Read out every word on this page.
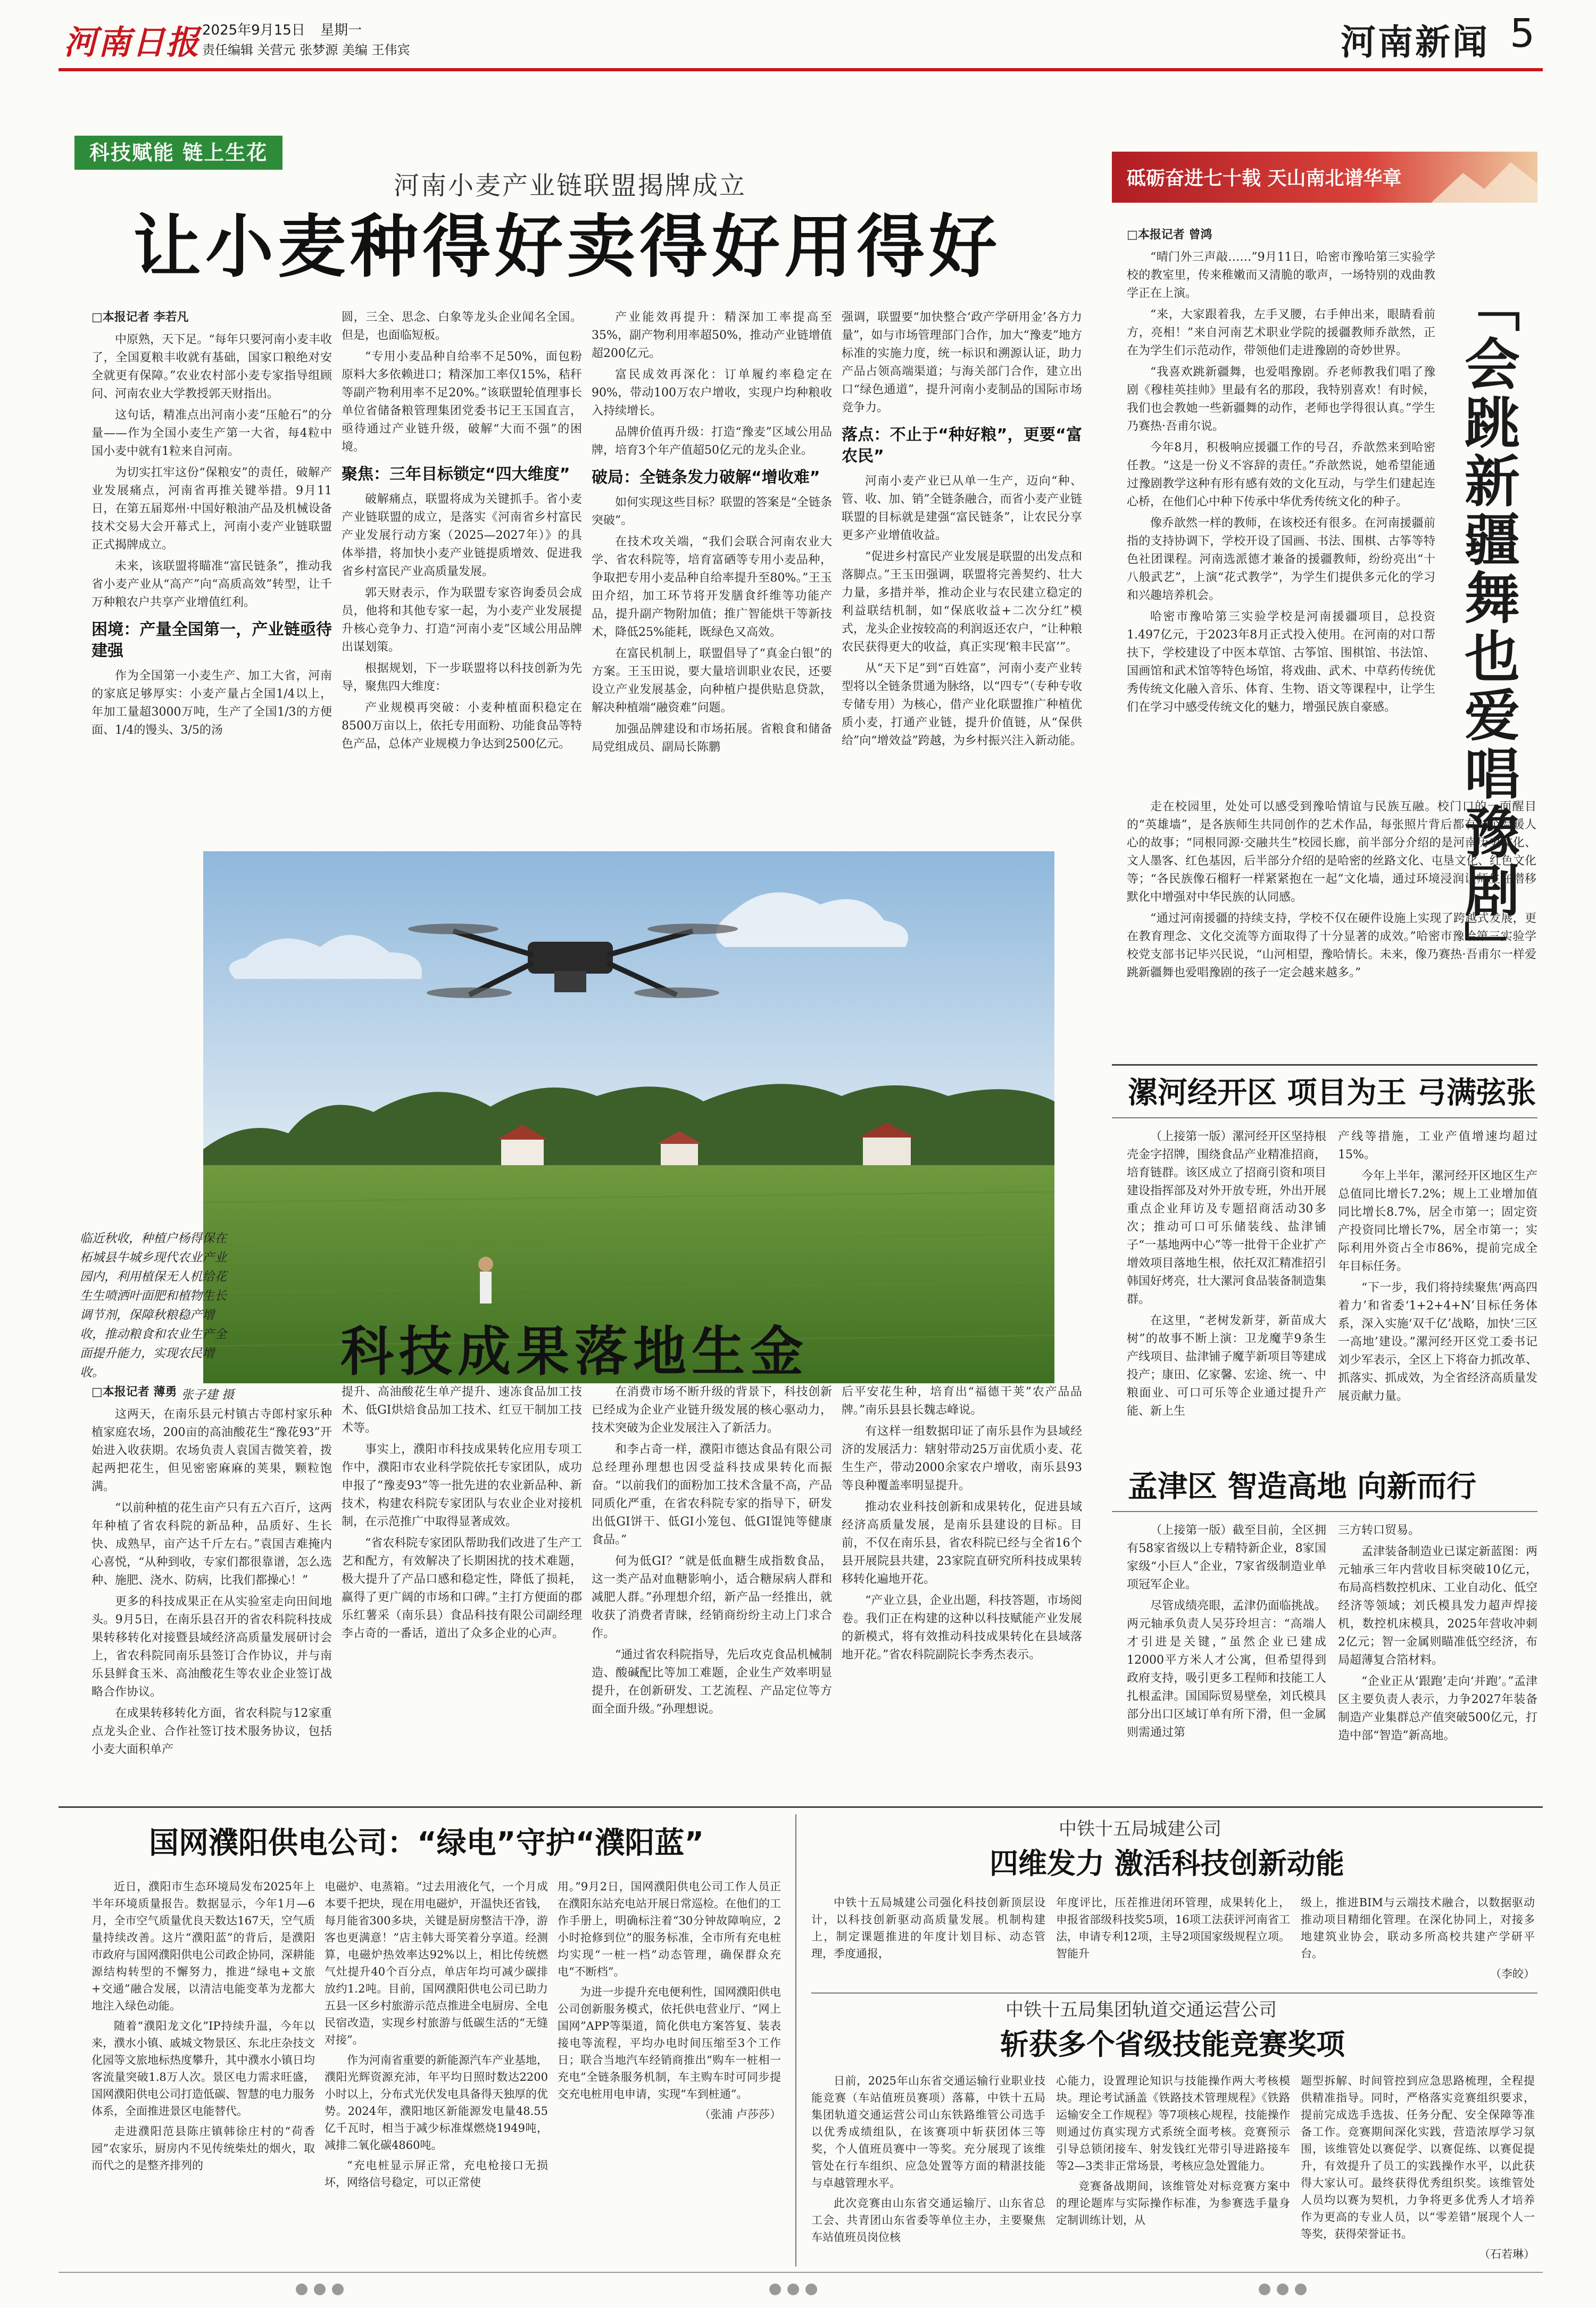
河南日报 2025年9月15日 星期一
责任编辑 关营元 张梦源 美编 王伟宾	河南新闻 5
科技赋能 链上生花
河南小麦产业链联盟揭牌成立
让小麦种得好卖得好用得好
□本报记者 李若凡

中原熟，天下足。“每年只要河南小麦丰收了，全国夏粮丰收就有基础，国家口粮绝对安全就更有保障。”农业农村部小麦专家指导组顾问、河南农业大学教授郭天财指出。

这句话，精准点出河南小麦“压舱石”的分量——作为全国小麦生产第一大省，每4粒中国小麦中就有1粒来自河南。

为切实扛牢这份“保粮安”的责任，破解产业发展痛点，河南省再推关键举措。9月11日，在第五届郑州·中国好粮油产品及机械设备技术交易大会开幕式上，河南小麦产业链联盟正式揭牌成立。

未来，该联盟将瞄准“富民链条”，推动我省小麦产业从“高产”向“高质高效”转型，让千万种粮农户共享产业增值红利。

困境：产量全国第一，产业链亟待建强

作为全国第一小麦生产、加工大省，河南的家底足够厚实：小麦产量占全国1/4以上，年加工量超3000万吨，生产了全国1/3的方便面、1/4的馒头、3/5的汤

圆，三全、思念、白象等龙头企业闻名全国。但是，也面临短板。

“专用小麦品种自给率不足50%，面包粉原料大多依赖进口；精深加工率仅15%，秸秆等副产物利用率不足20%。”该联盟轮值理事长单位省储备粮管理集团党委书记王玉国直言，亟待通过产业链升级，破解“大而不强”的困境。

聚焦：三年目标锁定“四大维度”

破解痛点，联盟将成为关键抓手。省小麦产业链联盟的成立，是落实《河南省乡村富民产业发展行动方案（2025—2027年）》的具体举措，将加快小麦产业链提质增效、促进我省乡村富民产业高质量发展。

郭天财表示，作为联盟专家咨询委员会成员，他将和其他专家一起，为小麦产业发展提升核心竞争力、打造“河南小麦”区域公用品牌出谋划策。

根据规划，下一步联盟将以科技创新为先导，聚焦四大维度：

产业规模再突破：小麦种植面积稳定在8500万亩以上，依托专用面粉、功能食品等特色产品，总体产业规模力争达到2500亿元。

产业能效再提升：精深加工率提高至35%，副产物利用率超50%，推动产业链增值超200亿元。

富民成效再深化：订单履约率稳定在90%，带动100万农户增收，实现户均种粮收入持续增长。

品牌价值再升级：打造“豫麦”区域公用品牌，培育3个年产值超50亿元的龙头企业。

破局：全链条发力破解“增收难”

如何实现这些目标？联盟的答案是“全链条突破”。

在技术攻关端，“我们会联合河南农业大学、省农科院等，培育富硒等专用小麦品种，争取把专用小麦品种自给率提升至80%。”王玉田介绍，加工环节将开发膳食纤维等功能产品，提升副产物附加值；推广智能烘干等新技术，降低25%能耗，既绿色又高效。

在富民机制上，联盟倡导了“真金白银”的方案。王玉田说，要大量培训职业农民，还要设立产业发展基金，向种植户提供贴息贷款，解决种植端“融资难”问题。

加强品牌建设和市场拓展。省粮食和储备局党组成员、副局长陈鹏

强调，联盟要“加快整合‘政产学研用金’各方力量”，如与市场管理部门合作，加大“豫麦”地方标准的实施力度，统一标识和溯源认证，助力产品占领高端渠道；与海关部门合作，建立出口“绿色通道”，提升河南小麦制品的国际市场竞争力。

落点：不止于“种好粮”，更要“富农民”

河南小麦产业已从单一生产，迈向“种、管、收、加、销”全链条融合，而省小麦产业链联盟的目标就是建强“富民链条”，让农民分享更多产业增值收益。

“促进乡村富民产业发展是联盟的出发点和落脚点。”王玉田强调，联盟将完善契约、壮大力量，多措并举，推动企业与农民建立稳定的利益联结机制，如“保底收益+二次分红”模式，龙头企业按较高的利润返还农户，“让种粮农民获得更大的收益，真正实现‘粮丰民富’”。

从“天下足”到“百姓富”，河南小麦产业转型将以全链条贯通为脉络，以“四专”（专种专收专储专用）为核心，借产业化联盟推广种植优质小麦，打通产业链，提升价值链，从“保供给”向“增效益”跨越，为乡村振兴注入新动能。

临近秋收，种植户杨得保在柘城县牛城乡现代农业产业园内，利用植保无人机给花生生喷洒叶面肥和植物生长调节剂，保障秋粮稳产增收，推动粮食和农业生产全面提升能力，实现农民增收。
张子建 摄
科技成果落地生金
□本报记者 薄勇

这两天，在南乐县元村镇古寺郎村家乐种植家庭农场，200亩的高油酸花生“豫花93”开始进入收获期。农场负责人袁国吉微笑着，拨起两把花生，但见密密麻麻的荚果，颗粒饱满。

“以前种植的花生亩产只有五六百斤，这两年种植了省农科院的新品种，品质好、生长快、成熟早，亩产达千斤左右。”袁国吉难掩内心喜悦，“从种到收，专家们都很靠谱，怎么选种、施肥、浇水、防病，比我们都操心！”

更多的科技成果正在从实验室走向田间地头。9月5日，在南乐县召开的省农科院科技成果转移转化对接暨县域经济高质量发展研讨会上，省农科院同南乐县签订合作协议，并与南乐县鲜食玉米、高油酸花生等农业企业签订战略合作协议。

在成果转移转化方面，省农科院与12家重点龙头企业、合作社签订技术服务协议，包括小麦大面积单产

提升、高油酸花生单产提升、速冻食品加工技术、低GI烘焙食品加工技术、红豆干制加工技术等。

事实上，濮阳市科技成果转化应用专项工作中，濮阳市农业科学院依托专家团队，成功申报了“豫麦93”等一批先进的农业新品种、新技术，构建农科院专家团队与农业企业对接机制，在示范推广中取得显著成效。

“省农科院专家团队帮助我们改进了生产工艺和配方，有效解决了长期困扰的技术难题，极大提升了产品口感和稳定性，降低了损耗，赢得了更广阔的市场和口碑。”主打方便面的郡乐红薯采（南乐县）食品科技有限公司副经理李占奇的一番话，道出了众多企业的心声。

在消费市场不断升级的背景下，科技创新已经成为企业产业链升级发展的核心驱动力，技术突破为企业发展注入了新活力。

和李占奇一样，濮阳市德达食品有限公司总经理孙理想也因受益科技成果转化而振奋。“以前我们的面粉加工技术含量不高，产品同质化严重，在省农科院专家的指导下，研发出低GI饼干、低GI小笼包、低GI馄饨等健康食品。”

何为低GI？“就是低血糖生成指数食品，这一类产品对血糖影响小，适合糖尿病人群和减肥人群。”孙理想介绍，新产品一经推出，就收获了消费者青睐，经销商纷纷主动上门求合作。

“通过省农科院指导，先后攻克食品机械制造、酸碱配比等加工难题，企业生产效率明显提升，在创新研发、工艺流程、产品定位等方面全面升级。”孙理想说。

后平安花生种，培育出“福德干荚”农产品品牌。”南乐县县长魏志峰说。

有这样一组数据印证了南乐县作为县域经济的发展活力：辖射带动25万亩优质小麦、花生生产，带动2000余家农户增收，南乐县93等良种覆盖率明显提升。

推动农业科技创新和成果转化，促进县域经济高质量发展，是南乐县建设的目标。目前，不仅在南乐县，省农科院已经与全省16个县开展院县共建，23家院直研究所科技成果转移转化遍地开花。

“产业立县，企业出题，科技答题，市场阅卷。我们正在构建的这种以科技赋能产业发展的新模式，将有效推动科技成果转化在县域落地开花。”省农科院副院长李秀杰表示。

砥砺奋进七十载 天山南北谱华章
□本报记者 曾鸿

“晴门外三声敲……”9月11日，哈密市豫哈第三实验学校的教室里，传来稚嫩而又清脆的歌声，一场特别的戏曲教学正在上演。

“来，大家跟着我，左手叉腰，右手伸出来，眼睛看前方，亮相！”来自河南艺术职业学院的援疆教师乔歆然，正在为学生们示范动作，带领他们走进豫剧的奇妙世界。

“我喜欢跳新疆舞，也爱唱豫剧。乔老师教我们唱了豫剧《穆桂英挂帅》里最有名的那段，我特别喜欢！有时候，我们也会教她一些新疆舞的动作，老师也学得很认真。”学生乃赛热·吾甫尔说。

今年8月，积极响应援疆工作的号召，乔歆然来到哈密任教。“这是一份义不容辞的责任。”乔歆然说，她希望能通过豫剧教学这种有形有感有效的文化互动，与学生们建起连心桥，在他们心中种下传承中华优秀传统文化的种子。

像乔歆然一样的教师，在该校还有很多。在河南援疆前指的支持协调下，学校开设了国画、书法、围棋、古筝等特色社团课程。河南选派德才兼备的援疆教师，纷纷亮出“十八般武艺”，上演“花式教学”，为学生们提供多元化的学习和兴趣培养机会。

哈密市豫哈第三实验学校是河南援疆项目，总投资1.497亿元，于2023年8月正式投入使用。在河南的对口帮扶下，学校建设了中医本草馆、古筝馆、围棋馆、书法馆、国画馆和武术馆等特色场馆，将戏曲、武术、中草药传统优秀传统文化融入音乐、体育、生物、语文等课程中，让学生们在学习中感受传统文化的魅力，增强民族自豪感。	「会跳新疆舞也爱唱豫剧」

走在校园里，处处可以感受到豫哈情谊与民族互融。校门口的一面醒目的“英雄墙”，是各族师生共同创作的艺术作品，每张照片背后都有一个温暖人心的故事；“同根同源·交融共生”校园长廊，前半部分介绍的是河南历史文化、文人墨客、红色基因，后半部分介绍的是哈密的丝路文化、屯垦文化、红色文化等；“各民族像石榴籽一样紧紧抱在一起”文化墙，通过环境浸润让师生在潜移默化中增强对中华民族的认同感。

“通过河南援疆的持续支持，学校不仅在硬件设施上实现了跨越式发展，更在教育理念、文化交流等方面取得了十分显著的成效。”哈密市豫哈第三实验学校党支部书记毕兴民说，“山河相望，豫哈情长。未来，像乃赛热·吾甫尔一样爱跳新疆舞也爱唱豫剧的孩子一定会越来越多。”

漯河经开区 项目为王 弓满弦张

（上接第一版）漯河经开区坚持根壳金字招牌，围绕食品产业精准招商，培育链群。该区成立了招商引资和项目建设指挥部及对外开放专班，外出开展重点企业拜访及专题招商活动30多次；推动可口可乐储装线、盐津铺子“一基地两中心”等一批骨干企业扩产增效项目落地生根，依托双汇精准招引韩国好烤亮，壮大漯河食品装备制造集群。

在这里，“老树发新芽，新苗成大树”的故事不断上演：卫龙魔芋9条生产线项目、盐津铺子魔芋新项目等建成投产；康田、亿家馨、宏途、统一、中粮面业、可口可乐等企业通过提升产能、新上生

产线等措施，工业产值增速均超过15%。

今年上半年，漯河经开区地区生产总值同比增长7.2%；规上工业增加值同比增长8.7%，居全市第一；固定资产投资同比增长7%，居全市第一；实际利用外资占全市86%，提前完成全年目标任务。

“下一步，我们将持续聚焦‘两高四着力’和省委‘1+2+4+N’目标任务体系，深入实施‘双千亿’战略，加快‘三区一高地’建设。”漯河经开区党工委书记刘少军表示，全区上下将奋力抓改革、抓落实、抓成效，为全省经济高质量发展贡献力量。

孟津区 智造高地 向新而行

（上接第一版）截至目前，全区拥有58家省级以上专精特新企业，8家国家级“小巨人”企业，7家省级制造业单项冠军企业。

尽管成绩亮眼，孟津仍面临挑战。两元轴承负责人吴芬玲坦言：“高端人才引进是关键，”虽然企业已建成12000平方米人才公寓，但希望得到政府支持，吸引更多工程师和技能工人扎根孟津。国国际贸易壁垒，刘氏模具部分出口区域订单有所下滑，但一金属则需通过第

三方转口贸易。

孟津装备制造业已谋定新蓝图：两元轴承三年内营收目标突破10亿元，布局高档数控机床、工业自动化、低空经济等领域；刘氏模具发力超声焊接机，数控机床模具，2025年营收冲刺2亿元；智一金属则瞄准低空经济，布局超薄复合箔材料。

“企业正从‘跟跑’走向‘并跑’。”孟津区主要负责人表示，力争2027年装备制造产业集群总产值突破500亿元，打造中部“智造”新高地。

国网濮阳供电公司：“绿电”守护“濮阳蓝”

近日，濮阳市生态环境局发布2025年上半年环境质量报告。数据显示，今年1月—6月，全市空气质量优良天数达167天，空气质量持续改善。这片“濮阳蓝”的背后，是濮阳市政府与国网濮阳供电公司政企协同，深耕能源结构转型的不懈努力，推进“绿电+文旅+交通”融合发展，以清洁电能变革为龙都大地注入绿色动能。

随着“濮阳龙文化”IP持续升温，今年以来，濮水小镇、戚城文物景区、东北庄杂技文化园等文旅地标热度攀升，其中濮水小镇日均客流量突破1.8万人次。景区电力需求旺盛，国网濮阳供电公司打造低碳、智慧的电力服务体系，全面推进景区电能替代。

走进濮阳范县陈庄镇韩徐庄村的“荷香园”农家乐，厨房内不见传统柴灶的烟火，取而代之的是整齐排列的

电磁炉、电蒸箱。“过去用液化气，一个月成本要千把块，现在用电磁炉，开温快还省钱，每月能省300多块，关键是厨房整洁干净，游客也更满意！”店主韩大哥笑着分享道。经测算，电磁炉热效率达92%以上，相比传统燃气灶提升40个百分点，单店年均可减少碳排放约1.2吨。目前，国网濮阳供电公司已助力五县一区乡村旅游示范点推进全电厨房、全电民宿改造，实现乡村旅游与低碳生活的“无缝对接”。

作为河南省重要的新能源汽车产业基地，濮阳光辉资源充沛，年平均日照时数达2200小时以上，分布式光伏发电具备得天独厚的优势。2024年，濮阳地区新能源发电量48.55亿千瓦时，相当于减少标准煤燃烧1949吨，减排二氧化碳4860吨。

“充电桩显示屏正常，充电枪接口无损坏，网络信号稳定，可以正常使

用。”9月2日，国网濮阳供电公司工作人员正在濮阳东站充电站开展日常巡检。在他们的工作手册上，明确标注着“30分钟故障响应，2小时抢修到位”的服务标准，全市所有充电桩均实现“一桩一档”动态管理，确保群众充电“不断档”。

为进一步提升充电便利性，国网濮阳供电公司创新服务模式，依托供电营业厅、“网上国网”APP等渠道，简化供电方案答复、装表接电等流程，平均办电时间压缩至3个工作日；联合当地汽车经销商推出“购车一桩相一充电”全链条服务机制，车主购车时可同步提交充电桩用电申请，实现“车到桩通”。

（张浦 卢莎莎）
中铁十五局城建公司
四维发力 激活科技创新动能

中铁十五局城建公司强化科技创新顶层设计，以科技创新驱动高质量发展。机制构建上，制定课题推进的年度计划目标、动态管理，季度通报，

年度评比，压茬推进闭环管理，成果转化上，申报省部级科技奖5项，16项工法获评河南省工法，申请专利12项，主导2项国家级规程立项。智能升

级上，推进BIM与云端技术融合，以数据驱动推动项目精细化管理。在深化协同上，对接多地建筑业协会，联动多所高校共建产学研平台。

（李皎）
中铁十五局集团轨道交通运营公司
斩获多个省级技能竞赛奖项

日前，2025年山东省交通运输行业职业技能竞赛（车站值班员赛项）落幕，中铁十五局集团轨道交通运营公司山东铁路维管公司选手以优秀成绩组队，在该赛项中斩获团体三等奖，个人值班员赛中一等奖。充分展现了该维管处在行车组织、应急处置等方面的精湛技能与卓越管理水平。

此次竞赛由山东省交通运输厅、山东省总工会、共青团山东省委等单位主办，主要聚焦车站值班员岗位核

心能力，设置理论知识与技能操作两大考核模块。理论考试涵盖《铁路技术管理规程》《铁路运输安全工作规程》等7项核心规程，技能操作则通过仿真实现方式系统全面考核。竞赛预示引导总锁闭接车、射发钱红光带引导进路接车等2—3类非正常场景，考核应急处置能力。

竞赛备战期间，该维管处对标竞赛方案中的理论题库与实际操作标准，为参赛选手量身定制训练计划，从

题型拆解、时间管控到应急思路梳理，全程提供精准指导。同时，严格落实竞赛组织要求，提前完成选手选拔、任务分配、安全保障等准备工作。竞赛期间深化实践，营造浓厚学习氛围，该维管处以赛促学、以赛促练、以赛促提升，有效提升了员工的实践操作水平，以此获得大家认可。最终获得优秀组织奖。该维管处人员均以赛为契机，力争将更多优秀人才培养作为更高的专业人员，以“零差错”展现个人一等奖，获得荣誉证书。

（石若琳）
